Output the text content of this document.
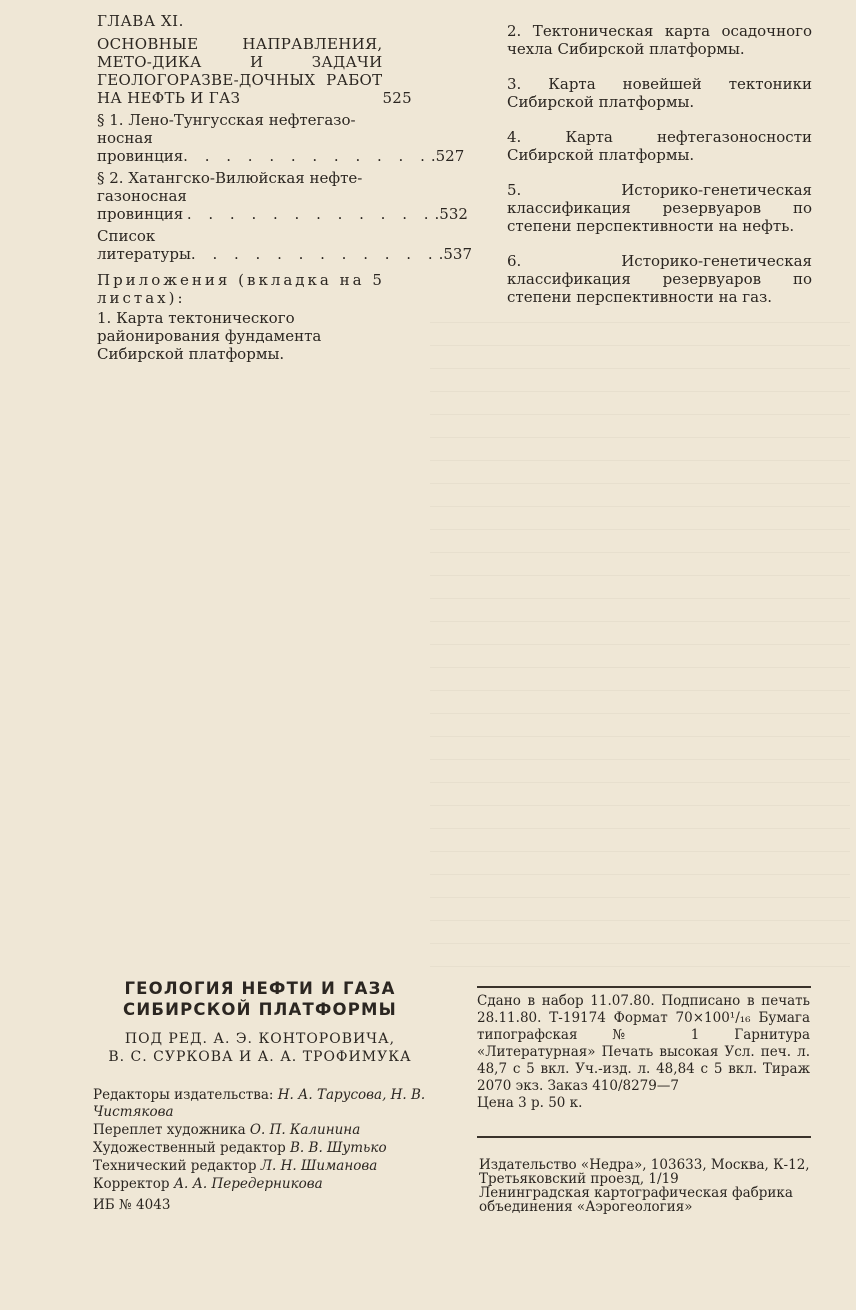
ГЛАВА XI.
ОСНОВНЫЕ НАПРАВЛЕНИЯ, МЕТО-ДИКА И ЗАДАЧИ ГЕОЛОГОРАЗВЕ-ДОЧНЫХ РАБОТ НА НЕФТЬ И ГАЗ	525
§ 1. Лено-Тунгусская нефтегазо-
носная провинция . . . . . . . . . . . . .527
§ 2. Хатангско-Вилюйская нефте-
газоносная провинция . . . . . . . . . . . . .532
Список литературы . . . . . . . . . . . . .537
Приложения (вкладка на 5 листах):
1. Карта тектонического районирования фундамента Сибирской платформы.
2. Тектоническая карта осадочного чехла Сибирской платформы.
3. Карта новейшей тектоники Сибирской платформы.
4. Карта нефтегазоносности Сибирской платформы.
5. Историко-генетическая классификация резервуаров по степени перспективности на нефть.
6. Историко-генетическая классификация резервуаров по степени перспективности на газ.
ГЕОЛОГИЯ НЕФТИ И ГАЗА
СИБИРСКОЙ ПЛАТФОРМЫ
ПОД РЕД. А. Э. КОНТОРОВИЧА,
В. С. СУРКОВА И А. А. ТРОФИМУКА
Редакторы издательства: Н. А. Тарусова, Н. В. Чистякова
Переплет художника О. П. Калинина
Художественный редактор В. В. Шутько
Технический редактор Л. Н. Шиманова
Корректор А. А. Передерникова
ИБ № 4043
Сдано в набор 11.07.80. Подписано в печать 28.11.80. Т-19174 Формат 70×100¹/₁₆ Бумага типографская № 1 Гарнитура «Литературная» Печать высокая Усл. печ. л. 48,7 с 5 вкл. Уч.-изд. л. 48,84 с 5 вкл. Тираж 2070 экз. Заказ 410/8279—7
Цена 3 р. 50 к.
Издательство «Недра», 103633, Москва, К-12,
Третьяковский проезд, 1/19
Ленинградская картографическая фабрика
объединения «Аэрогеология»
